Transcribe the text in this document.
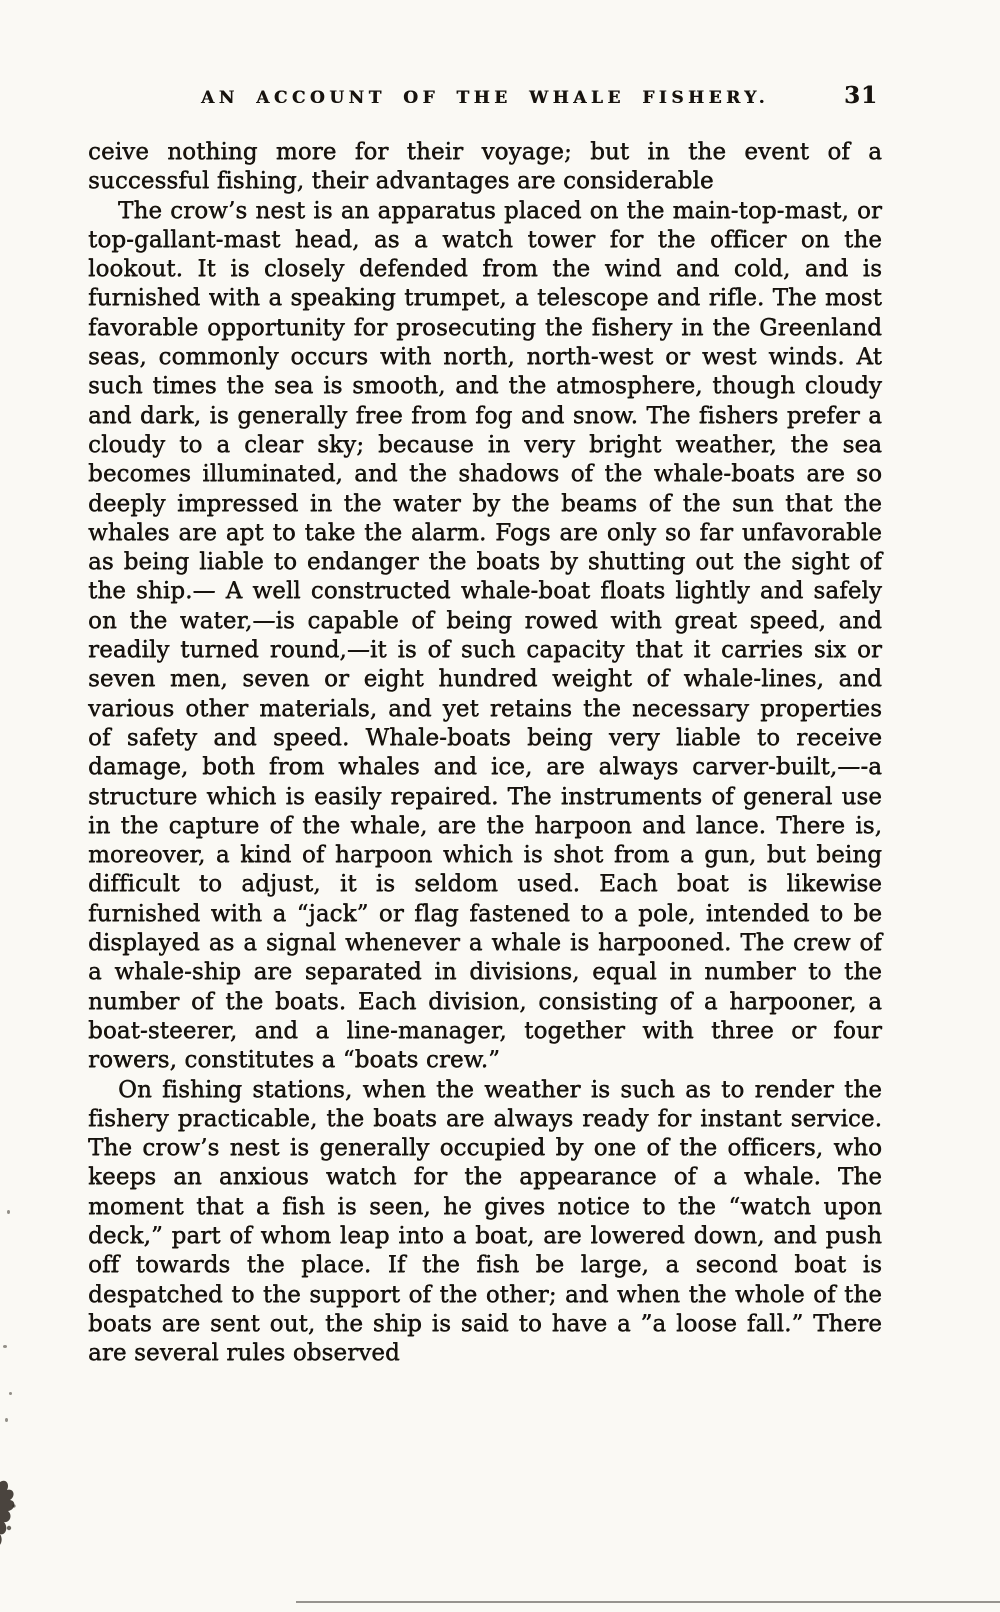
AN ACCOUNT OF THE WHALE FISHERY.	31

ceive nothing more for their voyage; but in the event of a successful fishing, their advantages are considerable

The crow’s nest is an apparatus placed on the main-top-mast, or top-gallant-mast head, as a watch tower for the officer on the lookout. It is closely defended from the wind and cold, and is furnished with a speaking trumpet, a telescope and rifle. The most favorable opportunity for prosecuting the fishery in the Greenland seas, commonly occurs with north, north-west or west winds. At such times the sea is smooth, and the atmosphere, though cloudy and dark, is generally free from fog and snow. The fishers prefer a cloudy to a clear sky; because in very bright weather, the sea becomes illuminated, and the shadows of the whale-boats are so deeply impressed in the water by the beams of the sun that the whales are apt to take the alarm. Fogs are only so far unfavorable as being liable to endanger the boats by shutting out the sight of the ship.— A well constructed whale-boat floats lightly and safely on the water,—is capable of being rowed with great speed, and readily turned round,—it is of such capacity that it carries six or seven men, seven or eight hundred weight of whale-lines, and various other materials, and yet retains the necessary properties of safety and speed. Whale-boats being very liable to receive damage, both from whales and ice, are always carver-built,—-a structure which is easily repaired. The instruments of general use in the capture of the whale, are the harpoon and lance. There is, moreover, a kind of harpoon which is shot from a gun, but being difficult to adjust, it is seldom used. Each boat is likewise furnished with a “jack” or flag fastened to a pole, intended to be displayed as a signal whenever a whale is harpooned. The crew of a whale-ship are separated in divisions, equal in number to the number of the boats. Each division, consisting of a harpooner, a boat-steerer, and a line-manager, together with three or four rowers, constitutes a “boats crew.”

On fishing stations, when the weather is such as to render the fishery practicable, the boats are always ready for instant service. The crow’s nest is generally occupied by one of the officers, who keeps an anxious watch for the appearance of a whale. The moment that a fish is seen, he gives notice to the “watch upon deck,” part of whom leap into a boat, are lowered down, and push off towards the place. If the fish be large, a second boat is despatched to the support of the other; and when the whole of the boats are sent out, the ship is said to have a ”a loose fall.” There are several rules observed
